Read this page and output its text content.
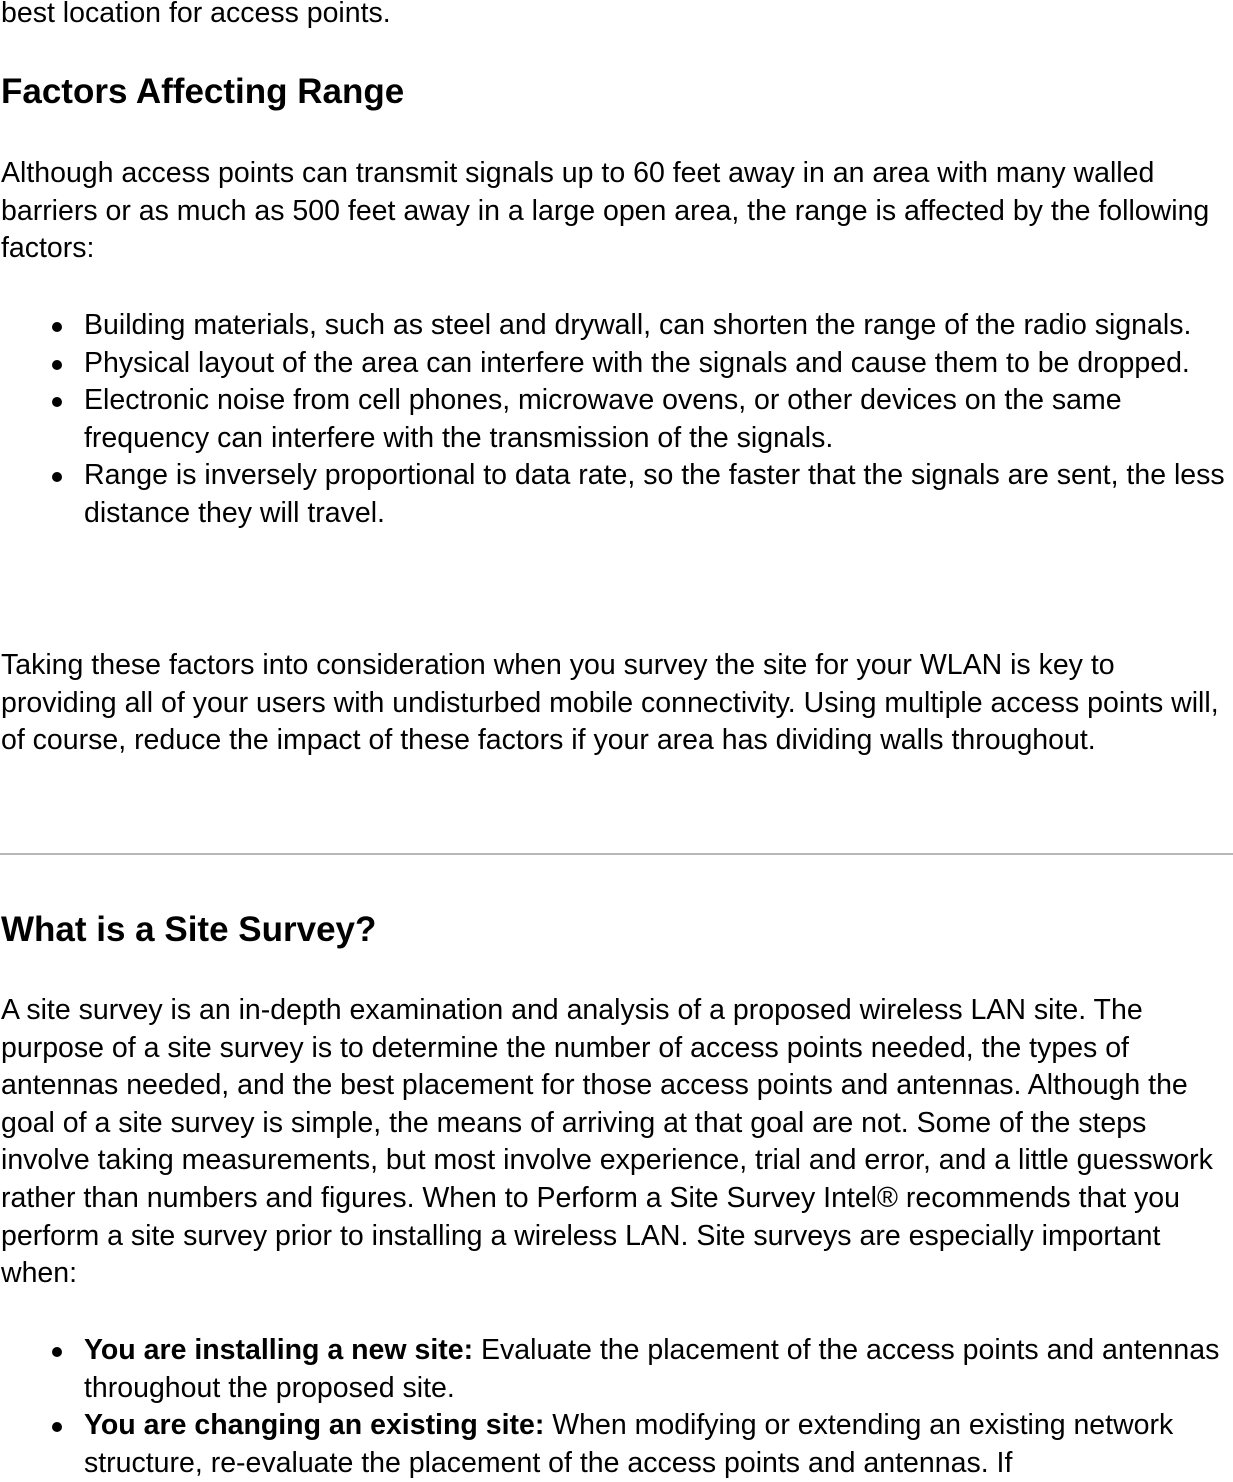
best location for access points.

Factors Affecting Range

Although access points can transmit signals up to 60 feet away in an area with many walled barriers or as much as 500 feet away in a large open area, the range is affected by the following factors:

Building materials, such as steel and drywall, can shorten the range of the radio signals.
Physical layout of the area can interfere with the signals and cause them to be dropped.
Electronic noise from cell phones, microwave ovens, or other devices on the same frequency can interfere with the transmission of the signals.
Range is inversely proportional to data rate, so the faster that the signals are sent, the less distance they will travel.

Taking these factors into consideration when you survey the site for your WLAN is key to providing all of your users with undisturbed mobile connectivity. Using multiple access points will, of course, reduce the impact of these factors if your area has dividing walls throughout.

What is a Site Survey?

A site survey is an in-depth examination and analysis of a proposed wireless LAN site. The purpose of a site survey is to determine the number of access points needed, the types of antennas needed, and the best placement for those access points and antennas. Although the goal of a site survey is simple, the means of arriving at that goal are not. Some of the steps involve taking measurements, but most involve experience, trial and error, and a little guesswork rather than numbers and figures. When to Perform a Site Survey Intel® recommends that you perform a site survey prior to installing a wireless LAN. Site surveys are especially important when:

You are installing a new site: Evaluate the placement of the access points and antennas throughout the proposed site.
You are changing an existing site: When modifying or extending an existing network structure, re-evaluate the placement of the access points and antennas. If
